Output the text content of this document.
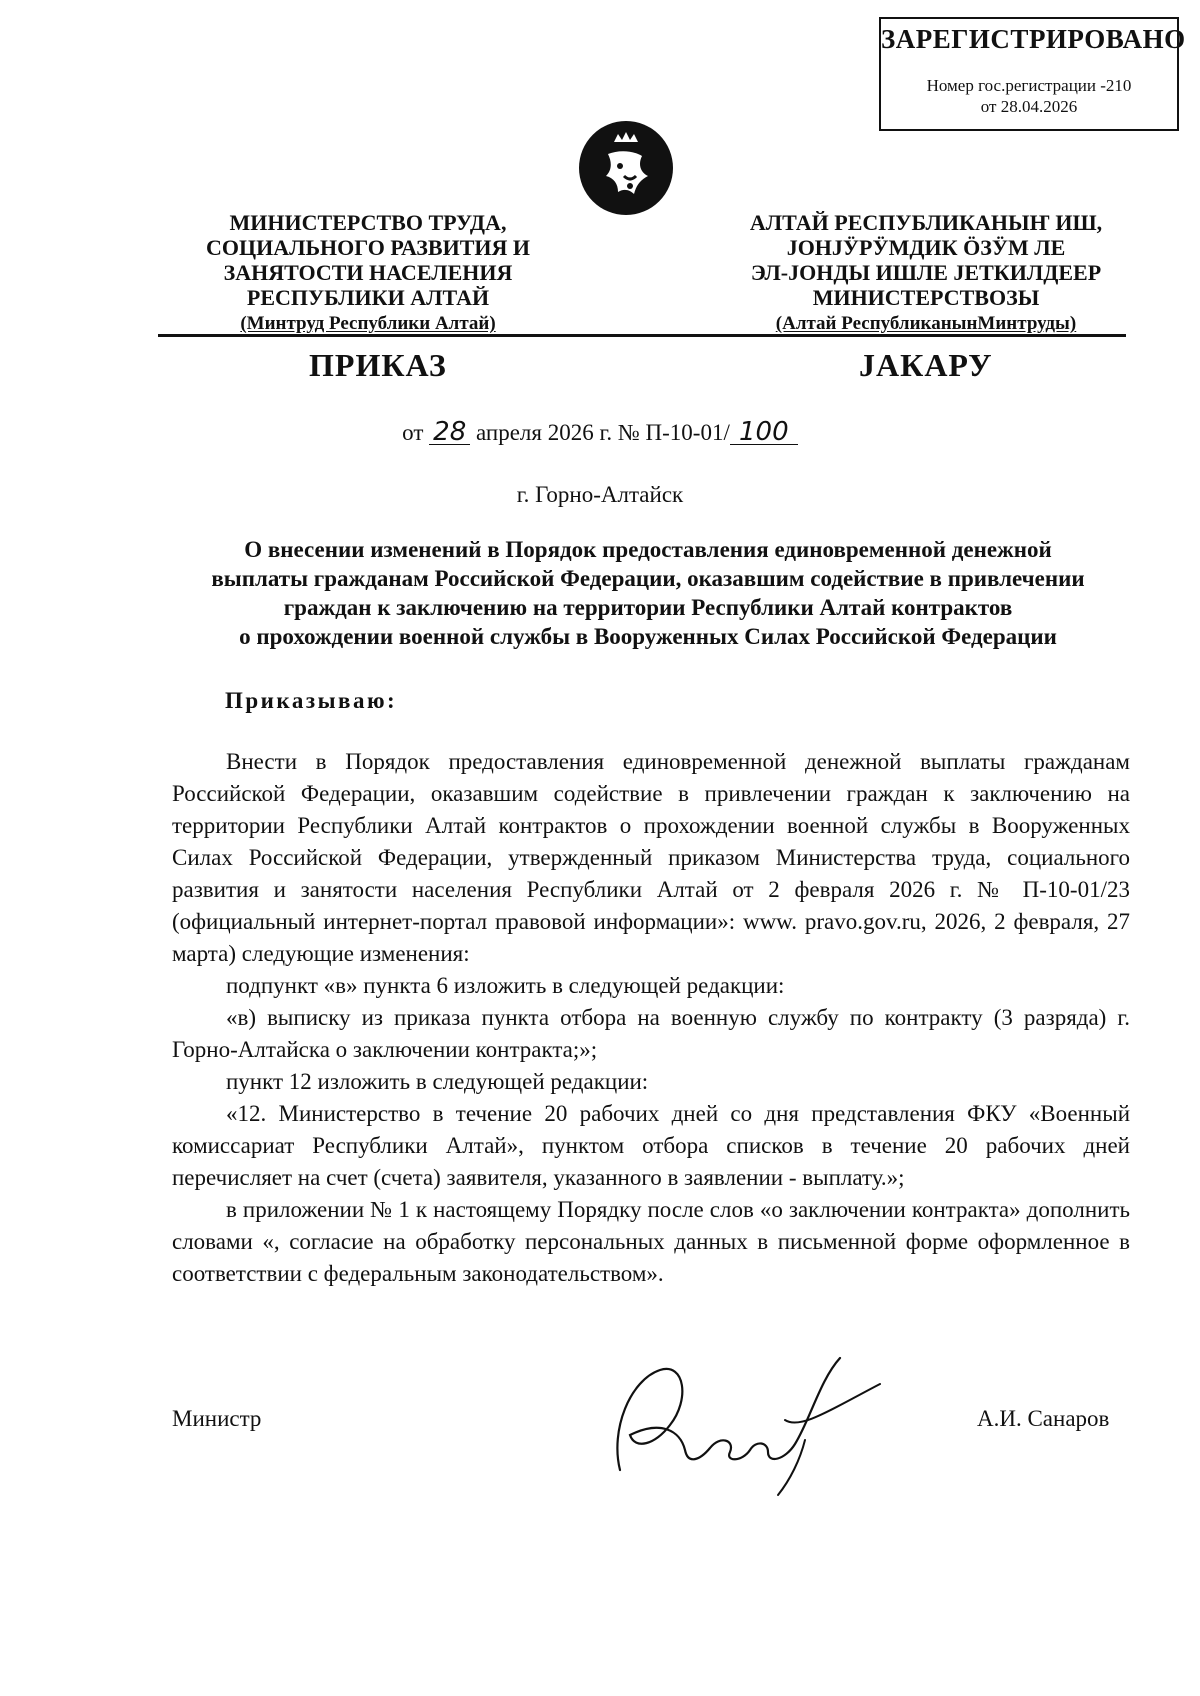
ЗАРЕГИСТРИРОВАНО
Номер гос.регистрации -210
от 28.04.2026
МИНИСТЕРСТВО ТРУДА,
СОЦИАЛЬНОГО РАЗВИТИЯ И
ЗАНЯТОСТИ НАСЕЛЕНИЯ
РЕСПУБЛИКИ АЛТАЙ
(Минтруд Республики Алтай)
АЛТАЙ РЕСПУБЛИКАНЫҤ ИШ,
ЈОНЈӰРӰМДИК ӦЗӰМ ЛЕ
ЭЛ-ЈОНДЫ ИШЛЕ ЈЕТКИЛДЕЕР
МИНИСТЕРСТВОЗЫ
(Алтай РеспубликанынМинтруды)
ПРИКАЗ	ЈАКАРУ
от 28 апреля 2026 г. № П-10-01/ 100
г. Горно-Алтайск
О внесении изменений в Порядок предоставления единовременной денежной
выплаты гражданам Российской Федерации, оказавшим содействие в привлечении
граждан к заключению на территории Республики Алтай контрактов
о прохождении военной службы в Вооруженных Силах Российской Федерации
Приказываю:

Внести в Порядок предоставления единовременной денежной выплаты гражданам Российской Федерации, оказавшим содействие в привлечении граждан к заключению на территории Республики Алтай контрактов о прохождении военной службы в Вооруженных Силах Российской Федерации, утвержденный приказом Министерства труда, социального развития и занятости населения Республики Алтай от 2 февраля 2026 г. № П-10-01/23 (официальный интернет-портал правовой информации»: www. pravo.gov.ru, 2026, 2 февраля, 27 марта) следующие изменения:

подпункт «в» пункта 6 изложить в следующей редакции:

«в) выписку из приказа пункта отбора на военную службу по контракту (3 разряда) г. Горно-Алтайска о заключении контракта;»;

пункт 12 изложить в следующей редакции:

«12. Министерство в течение 20 рабочих дней со дня представления ФКУ «Военный комиссариат Республики Алтай», пунктом отбора списков в течение 20 рабочих дней перечисляет на счет (счета) заявителя, указанного в заявлении - выплату.»;

в приложении № 1 к настоящему Порядку после слов «о заключении контракта» дополнить словами «, согласие на обработку персональных данных в письменной форме оформленное в соответствии с федеральным законодательством».

Министр	А.И. Санаров
